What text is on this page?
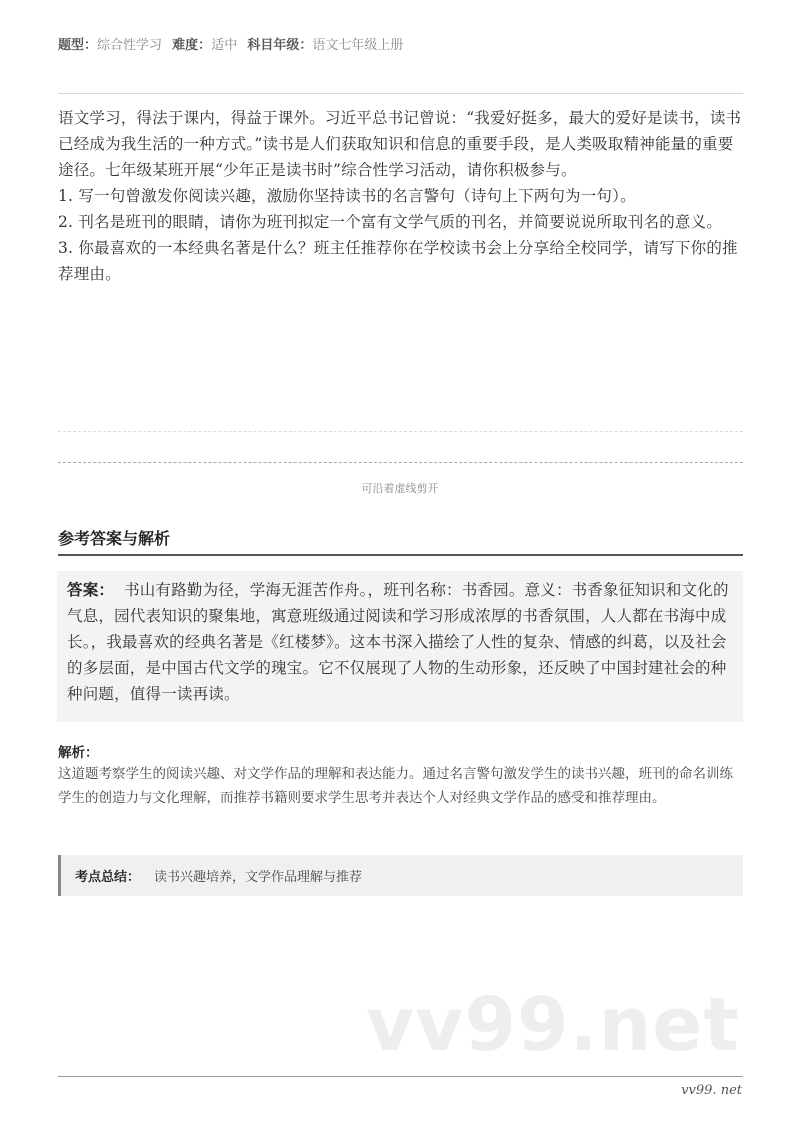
题型：综合性学习 难度：适中 科目年级：语文七年级上册

语文学习，得法于课内，得益于课外。习近平总书记曾说：“我爱好挺多，最大的爱好是读书，读书已经成为我生活的一种方式。”读书是人们获取知识和信息的重要手段，是人类吸取精神能量的重要途径。七年级某班开展“少年正是读书时”综合性学习活动，请你积极参与。

1. 写一句曾激发你阅读兴趣，激励你坚持读书的名言警句（诗句上下两句为一句）。

2. 刊名是班刊的眼睛，请你为班刊拟定一个富有文学气质的刊名，并简要说说所取刊名的意义。

3. 你最喜欢的一本经典名著是什么？班主任推荐你在学校读书会上分享给全校同学，请写下你的推荐理由。

可沿着虚线剪开
参考答案与解析
答案： 书山有路勤为径，学海无涯苦作舟。，班刊名称：书香园。意义：书香象征知识和文化的气息，园代表知识的聚集地，寓意班级通过阅读和学习形成浓厚的书香氛围，人人都在书海中成长。，我最喜欢的经典名著是《红楼梦》。这本书深入描绘了人性的复杂、情感的纠葛，以及社会的多层面，是中国古代文学的瑰宝。它不仅展现了人物的生动形象，还反映了中国封建社会的种种问题，值得一读再读。
解析：
这道题考察学生的阅读兴趣、对文学作品的理解和表达能力。通过名言警句激发学生的读书兴趣，班刊的命名训练学生的创造力与文化理解，而推荐书籍则要求学生思考并表达个人对经典文学作品的感受和推荐理由。
考点总结： 读书兴趣培养，文学作品理解与推荐
vv99.net
vv99. net
